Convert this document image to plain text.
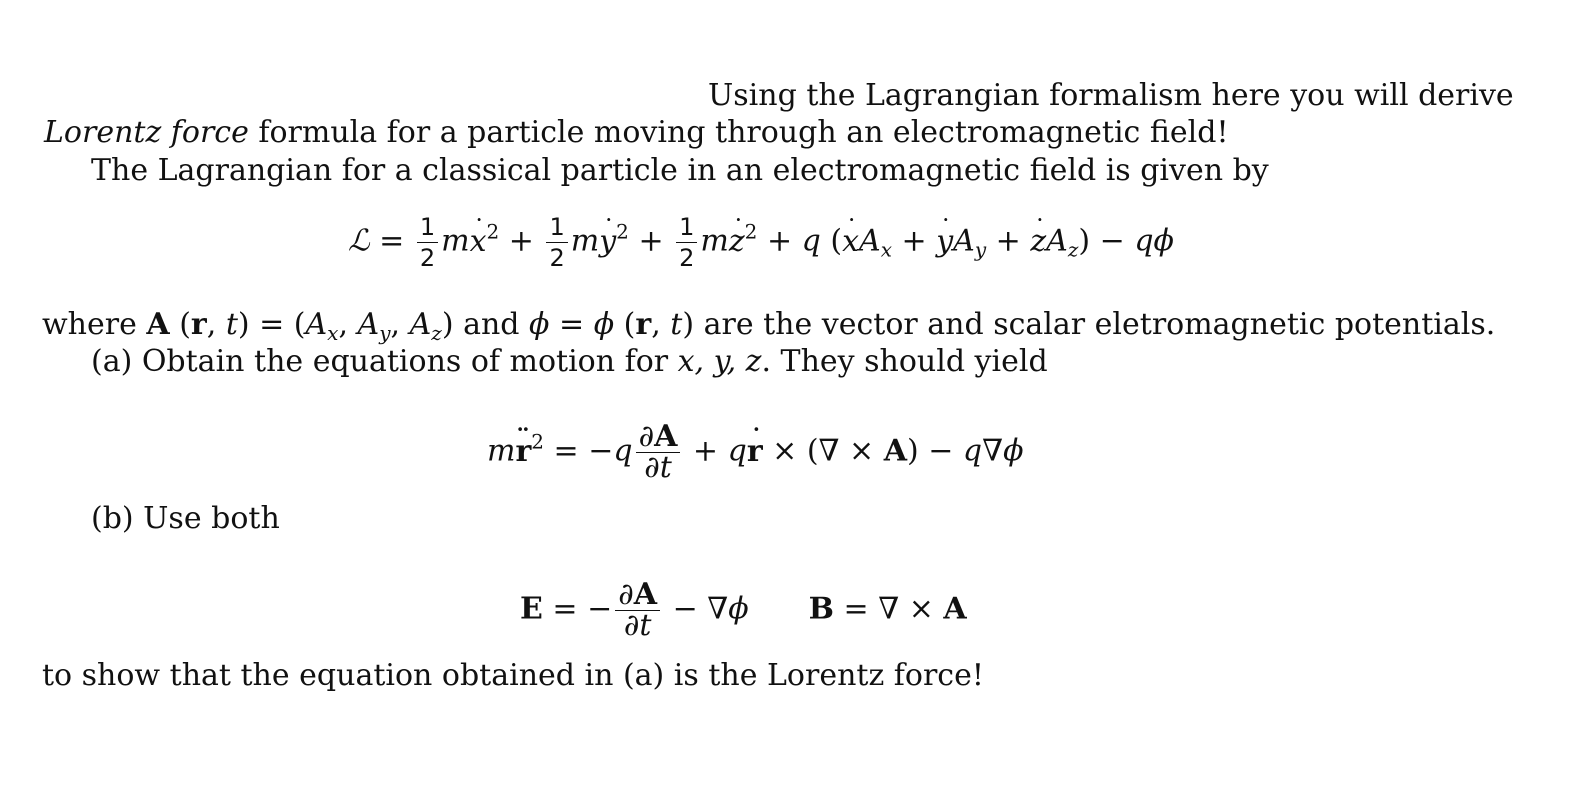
Using the Lagrangian formalism here you will derive
Lorentz force formula for a particle moving through an electromagnetic field!
The Lagrangian for a classical particle in an electromagnetic field is given by
ℒ = $\frac{1}{2}$ mx ˙$^2$ + $\frac{1}{2}$ my ˙$^2$ + $\frac{1}{2}$ mz ˙$^2$ + q (x $˙A_x + y$ $˙A_y + z$ $˙A_z) - q\phi$
where A (r, $t) = (A_x$, $A_y$, $A_z$) and ϕ = ϕ (r, t) are the vector and scalar eletromagnetic potentials.
(a) Obtain the equations of motion for x, y, z. They should yield
mr ¨$^2$ = $-q \frac{\partial A}{\partial t}$ + qr ˙ × (∇ × A) − q∇ϕ
(b) Use both
E = − $\frac{\partial A}{\partial t} - \nabla\phi$ B = ∇ × A
to show that the equation obtained in (a) is the Lorentz force!
